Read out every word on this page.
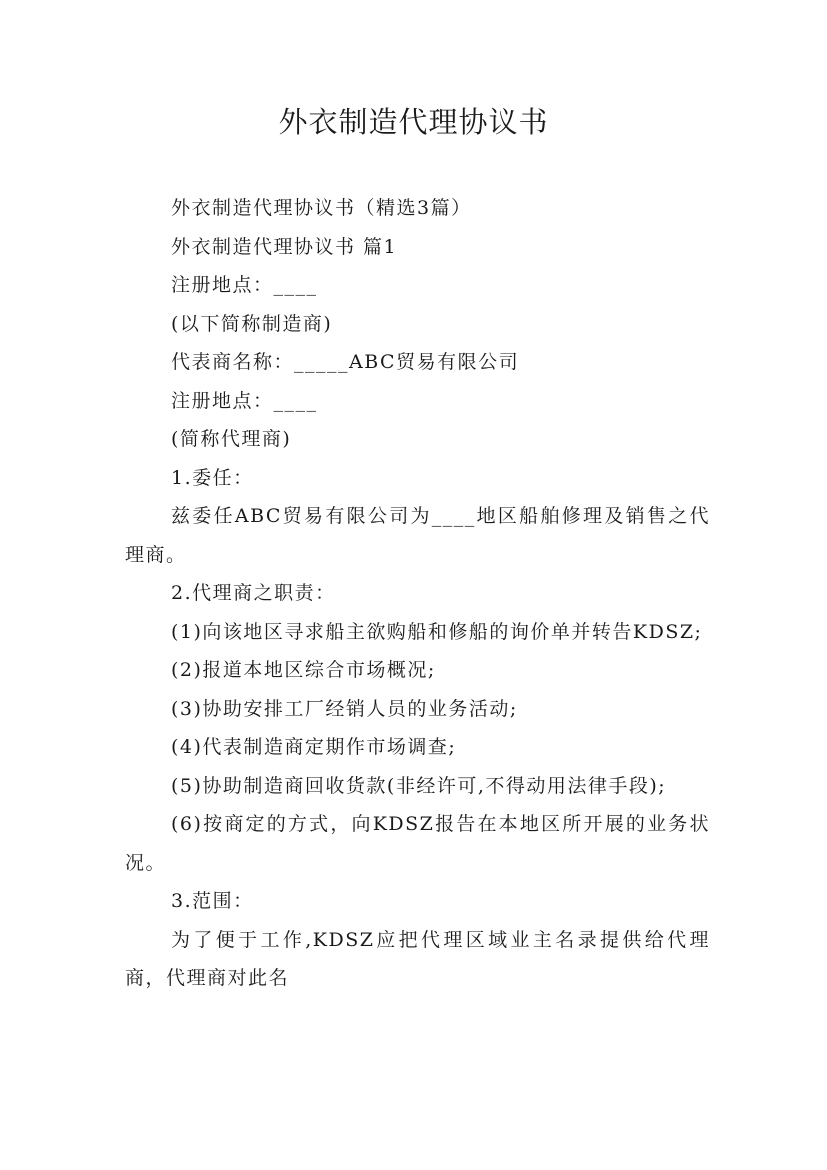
外衣制造代理协议书

外衣制造代理协议书（精选3篇）

外衣制造代理协议书 篇1

注册地点：____

(以下简称制造商)

代表商名称：_____ABC贸易有限公司

注册地点：____

(简称代理商)

1.委任：

兹委任ABC贸易有限公司为____地区船舶修理及销售之代理商。

2.代理商之职责：

(1)向该地区寻求船主欲购船和修船的询价单并转告KDSZ;

(2)报道本地区综合市场概况;

(3)协助安排工厂经销人员的业务活动;

(4)代表制造商定期作市场调查;

(5)协助制造商回收货款(非经许可,不得动用法律手段);

(6)按商定的方式，向KDSZ报告在本地区所开展的业务状况。

3.范围：

为了便于工作,KDSZ应把代理区域业主名录提供给代理商，代理商对此名
